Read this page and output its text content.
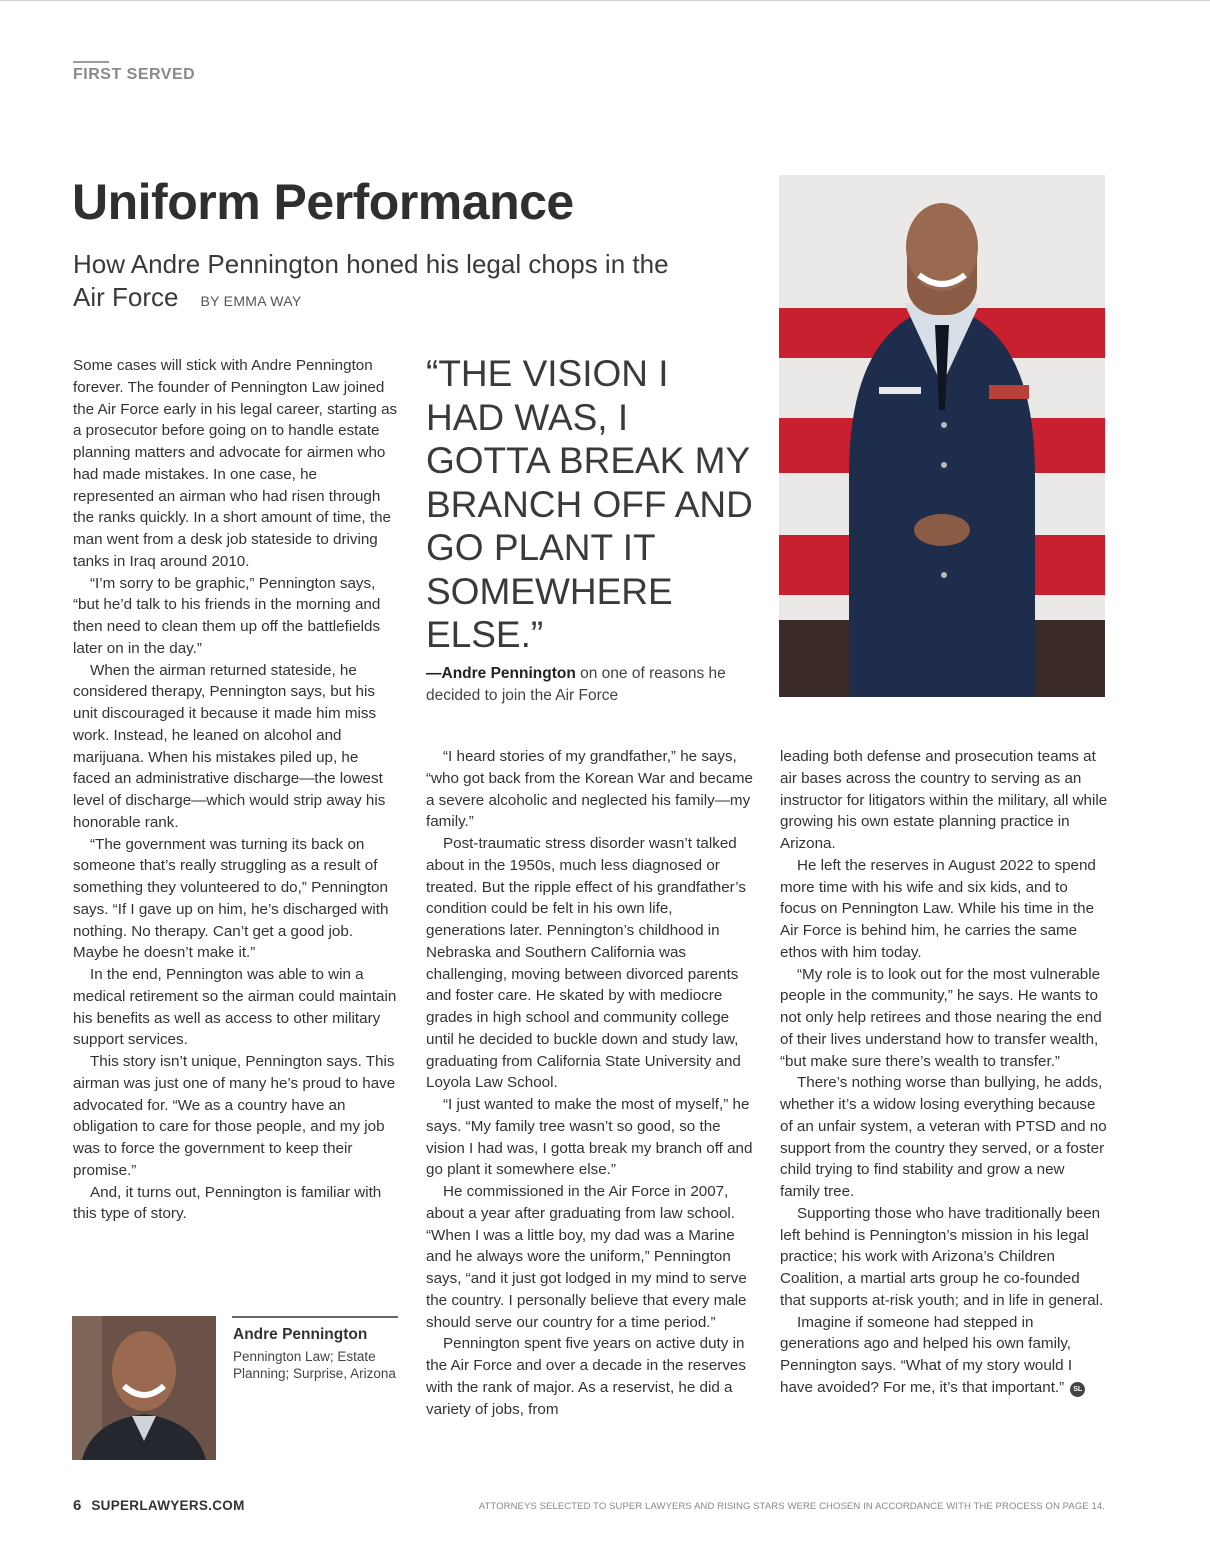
FIRST SERVED
Uniform Performance

How Andre Pennington honed his legal chops in the Air Force BY EMMA WAY

Some cases will stick with Andre Pennington forever. The founder of Pennington Law joined the Air Force early in his legal career, starting as a prosecutor before going on to handle estate planning matters and advocate for airmen who had made mistakes. In one case, he represented an airman who had risen through the ranks quickly. In a short amount of time, the man went from a desk job stateside to driving tanks in Iraq around 2010.

“I’m sorry to be graphic,” Pennington says, “but he’d talk to his friends in the morning and then need to clean them up off the battlefields later on in the day.”

When the airman returned stateside, he considered therapy, Pennington says, but his unit discouraged it because it made him miss work. Instead, he leaned on alcohol and marijuana. When his mistakes piled up, he faced an administrative discharge—the lowest level of discharge—which would strip away his honorable rank.

“The government was turning its back on someone that’s really struggling as a result of something they volunteered to do,” Pennington says. “If I gave up on him, he’s discharged with nothing. No therapy. Can’t get a good job. Maybe he doesn’t make it.”

In the end, Pennington was able to win a medical retirement so the airman could maintain his benefits as well as access to other military support services.

This story isn’t unique, Pennington says. This airman was just one of many he’s proud to have advocated for. “We as a country have an obligation to care for those people, and my job was to force the government to keep their promise.”

And, it turns out, Pennington is familiar with this type of story.

“THE VISION I HAD WAS, I GOTTA BREAK MY BRANCH OFF AND GO PLANT IT SOMEWHERE ELSE.”

—Andre Pennington on one of reasons he decided to join the Air Force

“I heard stories of my grandfather,” he says, “who got back from the Korean War and became a severe alcoholic and neglected his family—my family.”

Post-traumatic stress disorder wasn’t talked about in the 1950s, much less diagnosed or treated. But the ripple effect of his grandfather’s condition could be felt in his own life, generations later. Pennington’s childhood in Nebraska and Southern California was challenging, moving between divorced parents and foster care. He skated by with mediocre grades in high school and community college until he decided to buckle down and study law, graduating from California State University and Loyola Law School.

“I just wanted to make the most of myself,” he says. “My family tree wasn’t so good, so the vision I had was, I gotta break my branch off and go plant it somewhere else.”

He commissioned in the Air Force in 2007, about a year after graduating from law school. “When I was a little boy, my dad was a Marine and he always wore the uniform,” Pennington says, “and it just got lodged in my mind to serve the country. I personally believe that every male should serve our country for a time period.”

Pennington spent five years on active duty in the Air Force and over a decade in the reserves with the rank of major. As a reservist, he did a variety of jobs, from

leading both defense and prosecution teams at air bases across the country to serving as an instructor for litigators within the military, all while growing his own estate planning practice in Arizona.

He left the reserves in August 2022 to spend more time with his wife and six kids, and to focus on Pennington Law. While his time in the Air Force is behind him, he carries the same ethos with him today.

“My role is to look out for the most vulnerable people in the community,” he says. He wants to not only help retirees and those nearing the end of their lives understand how to transfer wealth, “but make sure there’s wealth to transfer.”

There’s nothing worse than bullying, he adds, whether it’s a widow losing everything because of an unfair system, a veteran with PTSD and no support from the country they served, or a foster child trying to find stability and grow a new family tree.

Supporting those who have traditionally been left behind is Pennington’s mission in his legal practice; his work with Arizona’s Children Coalition, a martial arts group he co-founded that supports at-risk youth; and in life in general.

Imagine if someone had stepped in generations ago and helped his own family, Pennington says. “What of my story would I have avoided? For me, it’s that important.” SL

Andre Pennington
Pennington Law; Estate Planning; Surprise, Arizona
6 SUPERLAWYERS.COM	ATTORNEYS SELECTED TO SUPER LAWYERS AND RISING STARS WERE CHOSEN IN ACCORDANCE WITH THE PROCESS ON PAGE 14.
